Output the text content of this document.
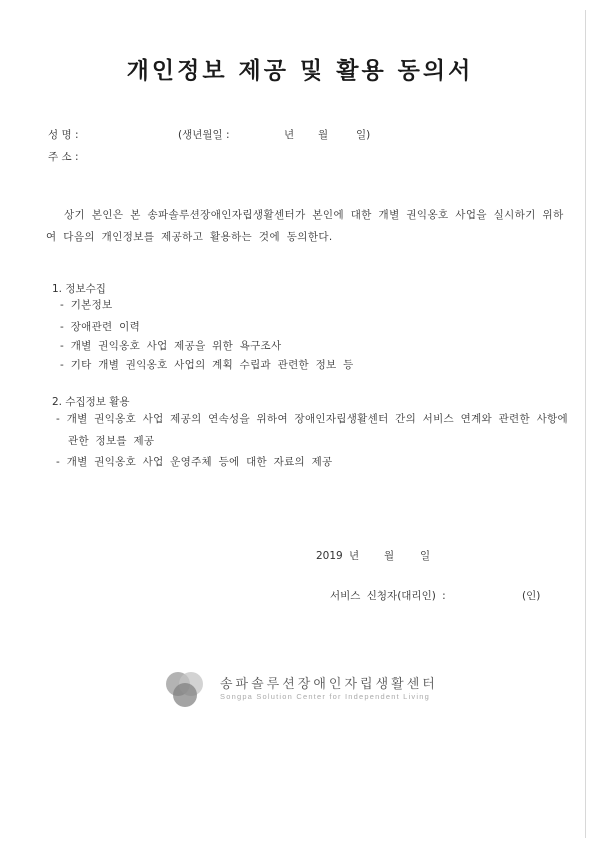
개인정보 제공 및 활용 동의서
성 명 :	(생년월일 :	년 월	일)
주 소 :
상기 본인은 본 송파솔루션장애인자립생활센터가 본인에 대한 개별 권익옹호 사업을 실시하기 위하여 다음의 개인정보를 제공하고 활용하는 것에 동의한다.
1. 정보수집
- 기본정보
- 장애관련 이력
- 개별 권익옹호 사업 제공을 위한 욕구조사
- 기타 개별 권익옹호 사업의 계획 수립과 관련한 정보 등
2. 수집정보 활용
- 개별 권익옹호 사업 제공의 연속성을 위하여 장애인자립생활센터 간의 서비스 연계와 관련한 사항에 관한 정보를 제공
- 개별 권익옹호 사업 운영주체 등에 대한 자료의 제공
2019 년 월 일
서비스 신청자(대리인) :	(인)
송파솔루션장애인자립생활센터
Songpa Solution Center for Independent Living
